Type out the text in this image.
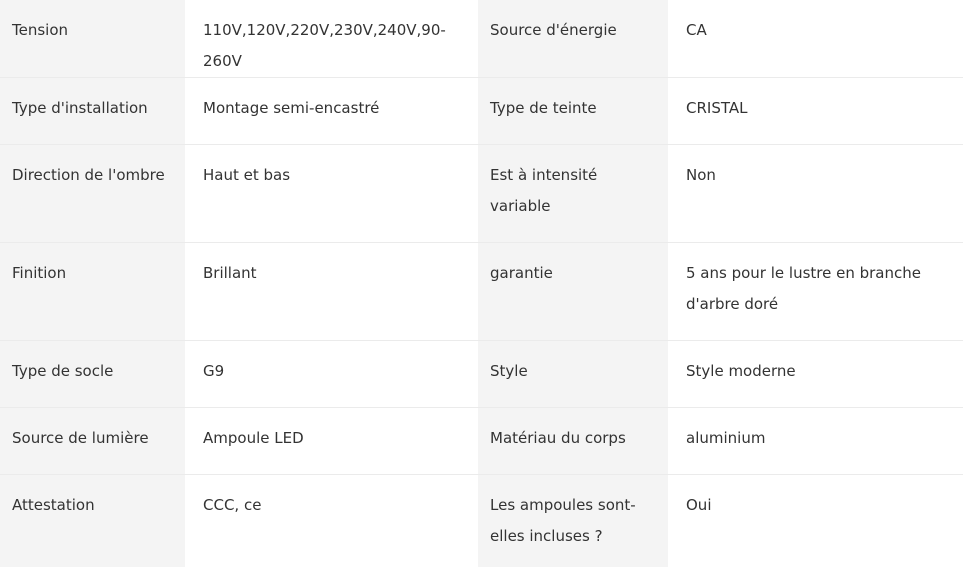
Tension	110V,120V,220V,230V,240V,90-260V	Source d'énergie	CA
Type d'installation	Montage semi-encastré	Type de teinte	CRISTAL
Direction de l'ombre	Haut et bas	Est à intensité variable	Non
Finition	Brillant	garantie	5 ans pour le lustre en branche d'arbre doré
Type de socle	G9	Style	Style moderne
Source de lumière	Ampoule LED	Matériau du corps	aluminium
Attestation	CCC, ce	Les ampoules sont-elles incluses ?	Oui
